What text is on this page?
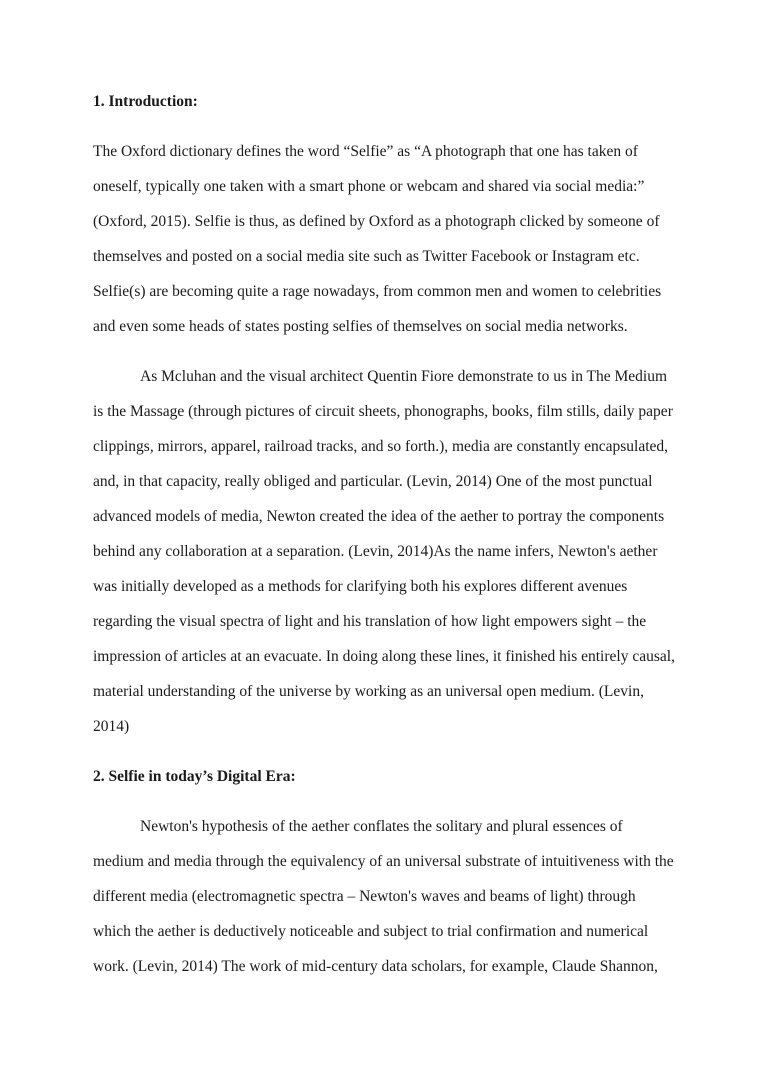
1. Introduction:
The Oxford dictionary defines the word “Selfie” as “A photograph that one has taken of
oneself, typically one taken with a smart phone or webcam and shared via social media:”
(Oxford, 2015). Selfie is thus, as defined by Oxford as a photograph clicked by someone of
themselves and posted on a social media site such as Twitter Facebook or Instagram etc.
Selfie(s) are becoming quite a rage nowadays, from common men and women to celebrities
and even some heads of states posting selfies of themselves on social media networks.
As Mcluhan and the visual architect Quentin Fiore demonstrate to us in The Medium
is the Massage (through pictures of circuit sheets, phonographs, books, film stills, daily paper
clippings, mirrors, apparel, railroad tracks, and so forth.), media are constantly encapsulated,
and, in that capacity, really obliged and particular. (Levin, 2014) One of the most punctual
advanced models of media, Newton created the idea of the aether to portray the components
behind any collaboration at a separation. (Levin, 2014)As the name infers, Newton's aether
was initially developed as a methods for clarifying both his explores different avenues
regarding the visual spectra of light and his translation of how light empowers sight – the
impression of articles at an evacuate. In doing along these lines, it finished his entirely causal,
material understanding of the universe by working as an universal open medium. (Levin,
2014)
2. Selfie in today’s Digital Era:
Newton's hypothesis of the aether conflates the solitary and plural essences of
medium and media through the equivalency of an universal substrate of intuitiveness with the
different media (electromagnetic spectra – Newton's waves and beams of light) through
which the aether is deductively noticeable and subject to trial confirmation and numerical
work. (Levin, 2014) The work of mid-century data scholars, for example, Claude Shannon,
